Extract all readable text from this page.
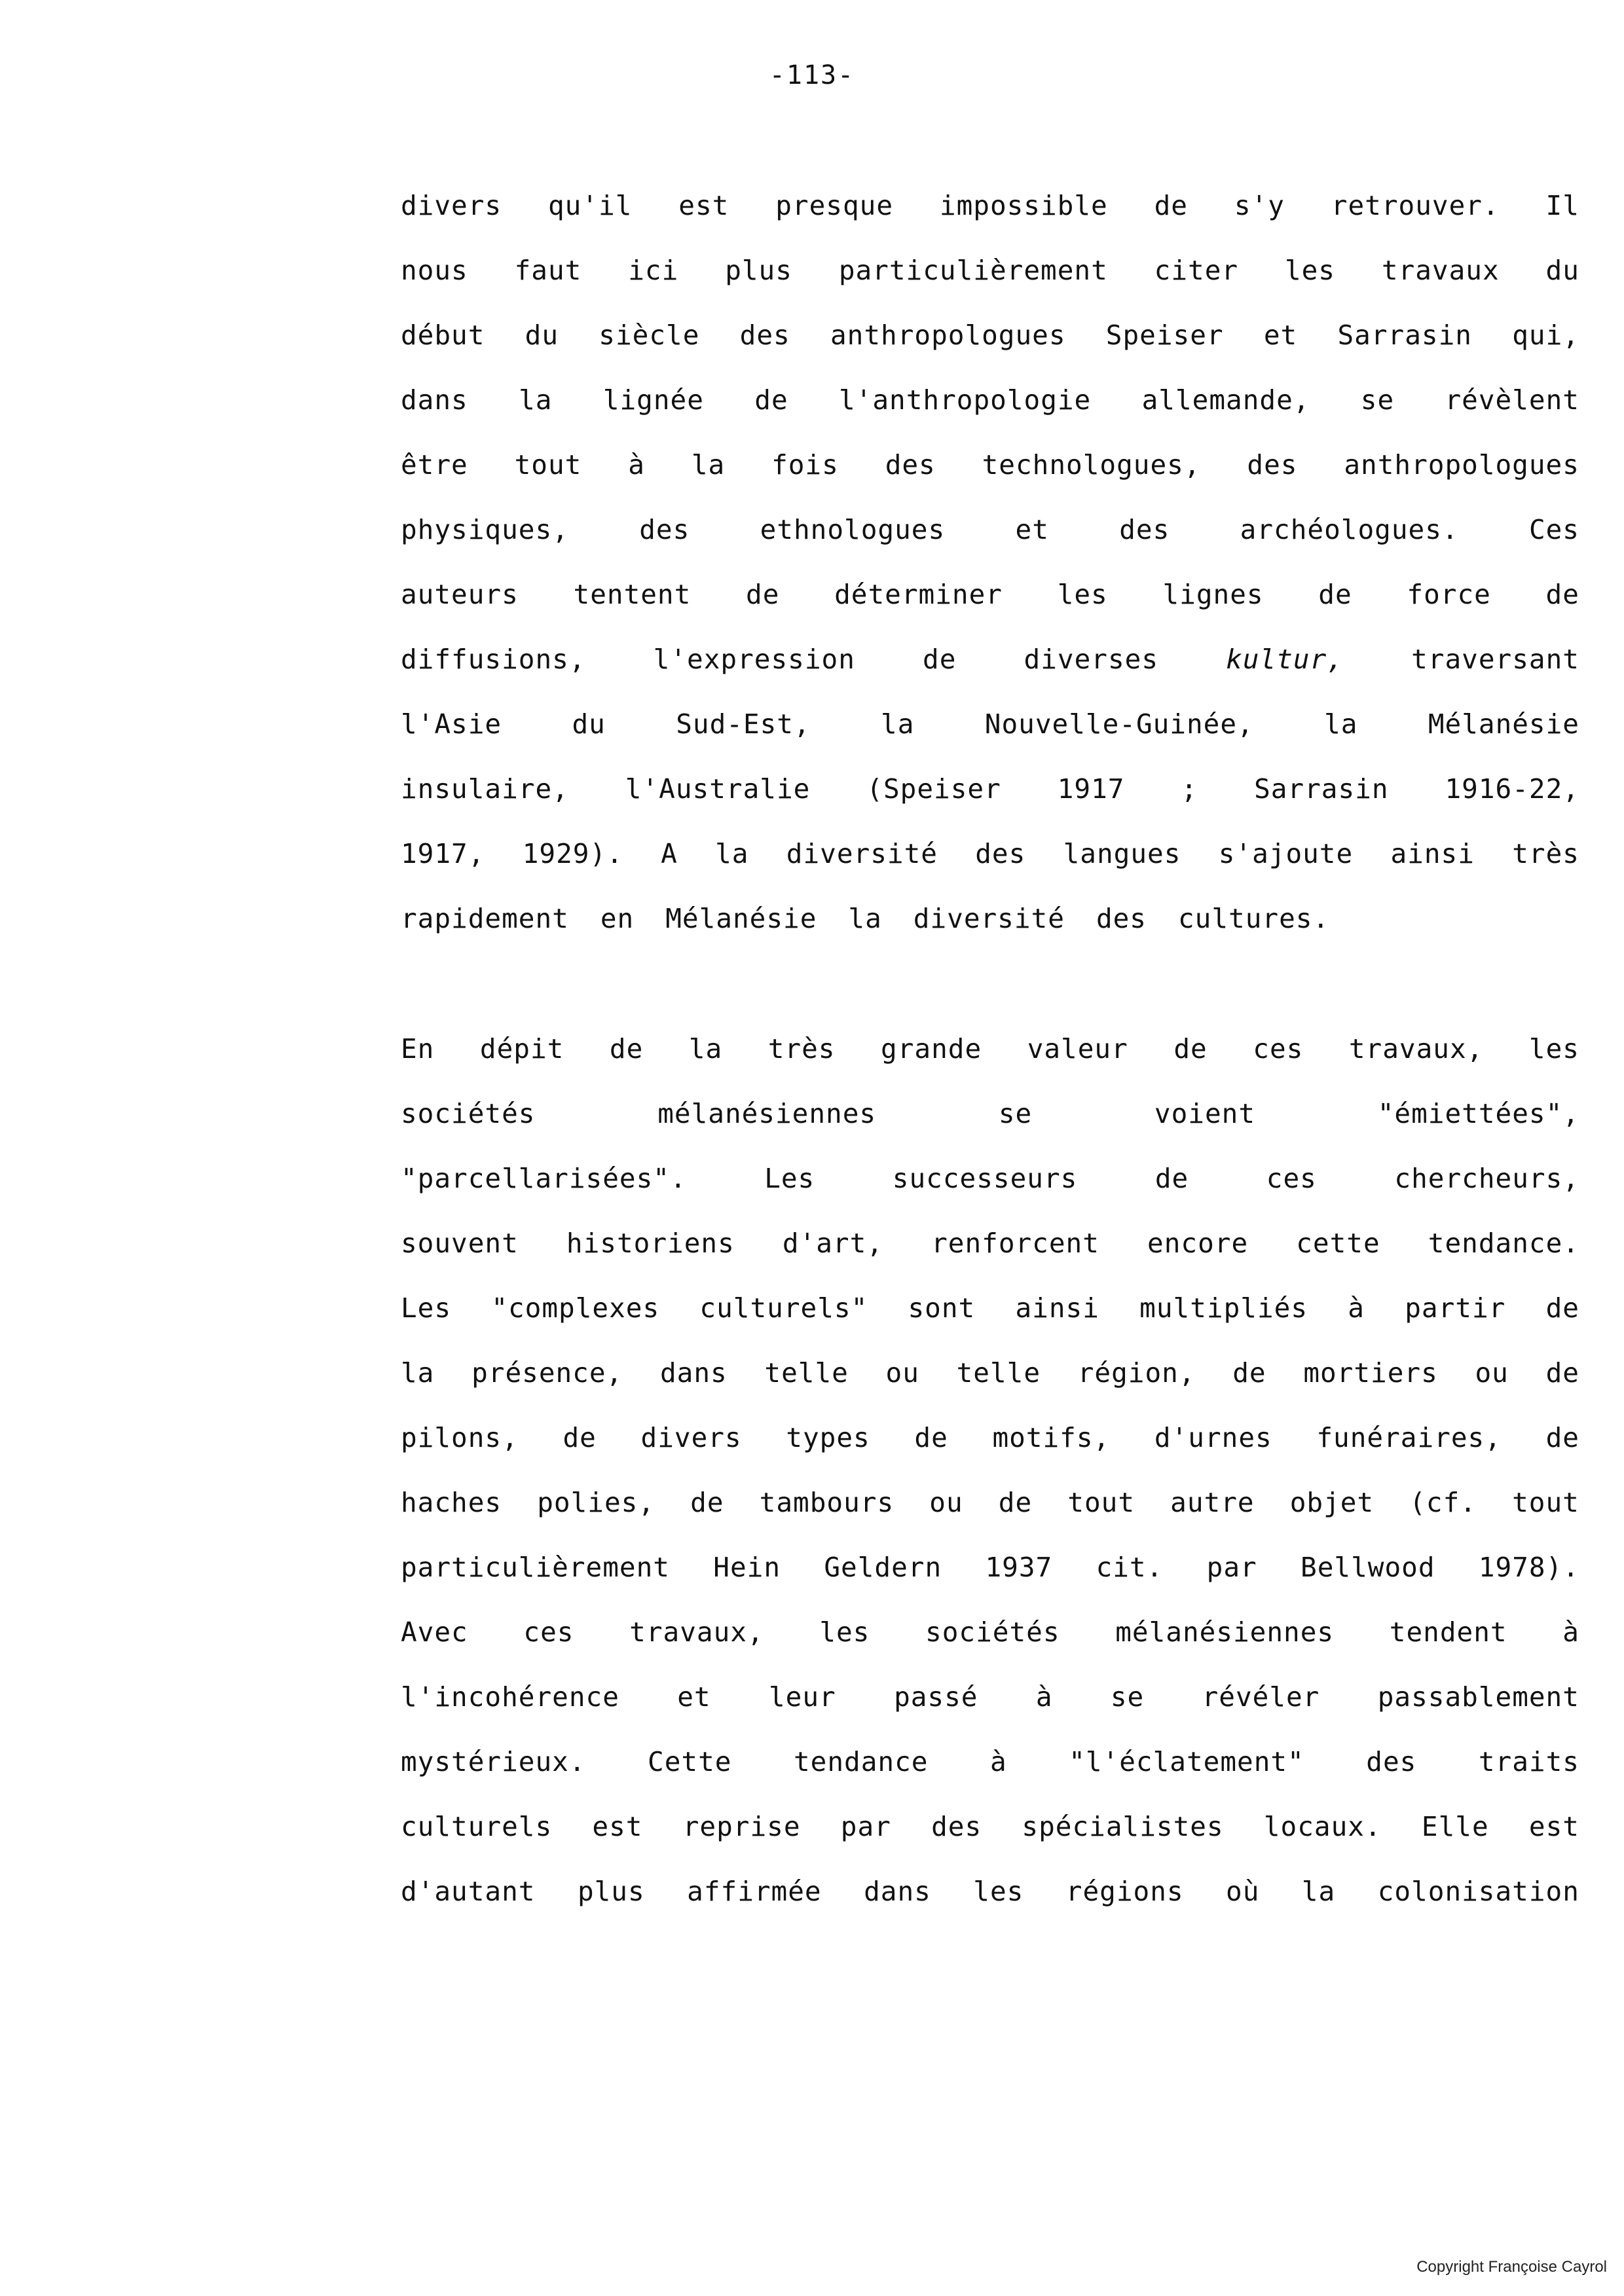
-113-
divers qu'il est presque impossible de s'y retrouver. Il
nous faut ici plus particulièrement citer les travaux du
début du siècle des anthropologues Speiser et Sarrasin qui,
dans la lignée de l'anthropologie allemande, se révèlent
être tout à la fois des technologues, des anthropologues
physiques,	des	ethnologues	et	des	archéologues.	Ces
auteurs tentent de déterminer les lignes de force de
diffusions,	l'expression	de	diverses	kultur,	traversant
l'Asie	du	Sud-Est,	la	Nouvelle-Guinée,	la	Mélanésie
insulaire, l'Australie (Speiser 1917 ; Sarrasin 1916-22,
1917, 1929). A la diversité des langues s'ajoute ainsi très
rapidement en Mélanésie la diversité des cultures.
En dépit de la très grande valeur de ces travaux, les
sociétés	mélanésiennes	se	voient	"émiettées",
"parcellarisées".	Les	successeurs	de	ces	chercheurs,
souvent historiens d'art, renforcent encore cette tendance.
Les "complexes culturels" sont ainsi multipliés à partir de
la présence, dans telle ou telle région, de mortiers ou de
pilons, de divers types de motifs, d'urnes funéraires, de
haches polies, de tambours ou de tout autre objet (cf. tout
particulièrement Hein Geldern 1937 cit. par Bellwood 1978).
Avec ces travaux, les sociétés mélanésiennes tendent à
l'incohérence et leur passé à se révéler passablement
mystérieux. Cette tendance à "l'éclatement" des traits
culturels est reprise par des spécialistes locaux. Elle est
d'autant plus affirmée dans les régions où la colonisation
Copyright Françoise Cayrol
